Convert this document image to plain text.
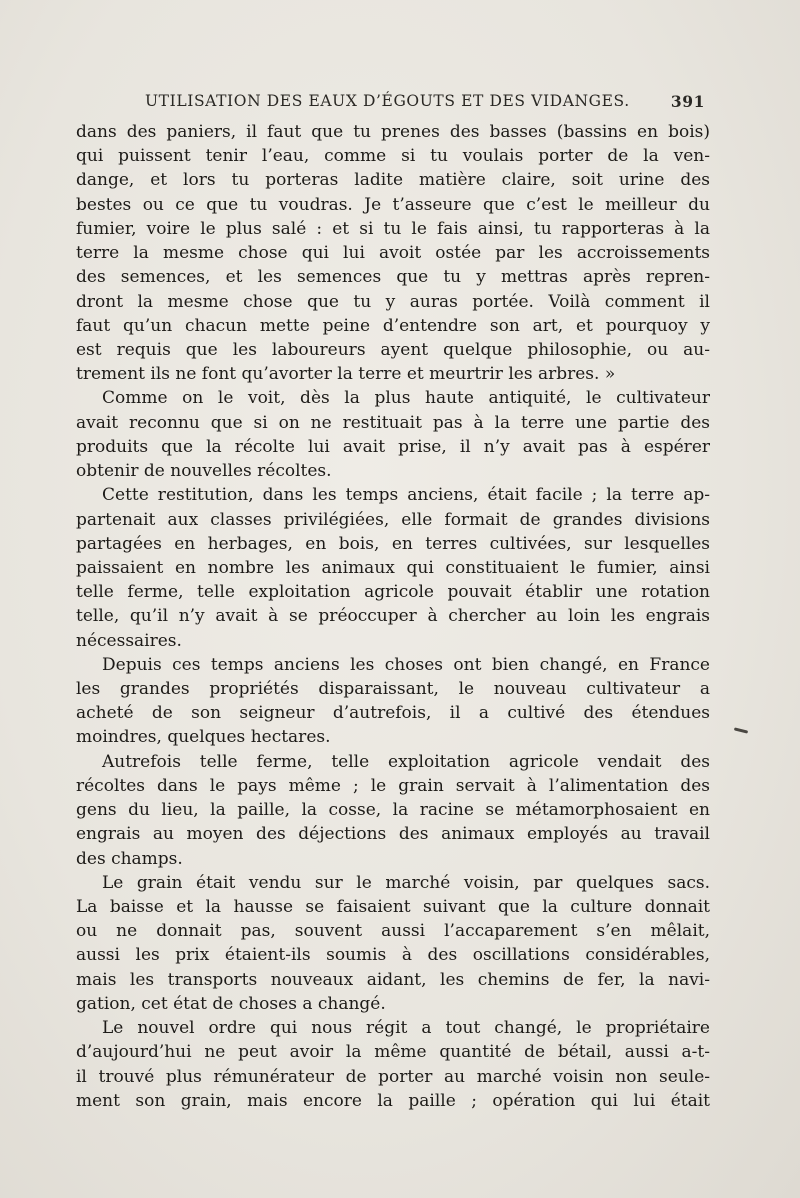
UTILISATION DES EAUX D’ÉGOUTS ET DES VIDANGES.	391
dans des paniers, il faut que tu prenes des basses (bassins en bois)
qui puissent tenir l’eau, comme si tu voulais porter de la ven-
dange, et lors tu porteras ladite matière claire, soit urine des
bestes ou ce que tu voudras. Je t’asseure que c’est le meilleur du
fumier, voire le plus salé : et si tu le fais ainsi, tu rapporteras à la
terre la mesme chose qui lui avoit ostée par les accroissements
des semences, et les semences que tu y mettras après repren-
dront la mesme chose que tu y auras portée. Voilà comment il
faut qu’un chacun mette peine d’entendre son art, et pourquoy y
est requis que les laboureurs ayent quelque philosophie, ou au-
trement ils ne font qu’avorter la terre et meurtrir les arbres. »
Comme on le voit, dès la plus haute antiquité, le cultivateur
avait reconnu que si on ne restituait pas à la terre une partie des
produits que la récolte lui avait prise, il n’y avait pas à espérer
obtenir de nouvelles récoltes.
Cette restitution, dans les temps anciens, était facile ; la terre ap-
partenait aux classes privilégiées, elle formait de grandes divisions
partagées en herbages, en bois, en terres cultivées, sur lesquelles
paissaient en nombre les animaux qui constituaient le fumier, ainsi
telle ferme, telle exploitation agricole pouvait établir une rotation
telle, qu’il n’y avait à se préoccuper à chercher au loin les engrais
nécessaires.
Depuis ces temps anciens les choses ont bien changé, en France
les grandes propriétés disparaissant, le nouveau cultivateur a
acheté de son seigneur d’autrefois, il a cultivé des étendues
moindres, quelques hectares.
Autrefois telle ferme, telle exploitation agricole vendait des
récoltes dans le pays même ; le grain servait à l’alimentation des
gens du lieu, la paille, la cosse, la racine se métamorphosaient en
engrais au moyen des déjections des animaux employés au travail
des champs.
Le grain était vendu sur le marché voisin, par quelques sacs.
La baisse et la hausse se faisaient suivant que la culture donnait
ou ne donnait pas, souvent aussi l’accaparement s’en mêlait,
aussi les prix étaient-ils soumis à des oscillations considérables,
mais les transports nouveaux aidant, les chemins de fer, la navi-
gation, cet état de choses a changé.
Le nouvel ordre qui nous régit a tout changé, le propriétaire
d’aujourd’hui ne peut avoir la même quantité de bétail, aussi a-t-
il trouvé plus rémunérateur de porter au marché voisin non seule-
ment son grain, mais encore la paille ; opération qui lui était
